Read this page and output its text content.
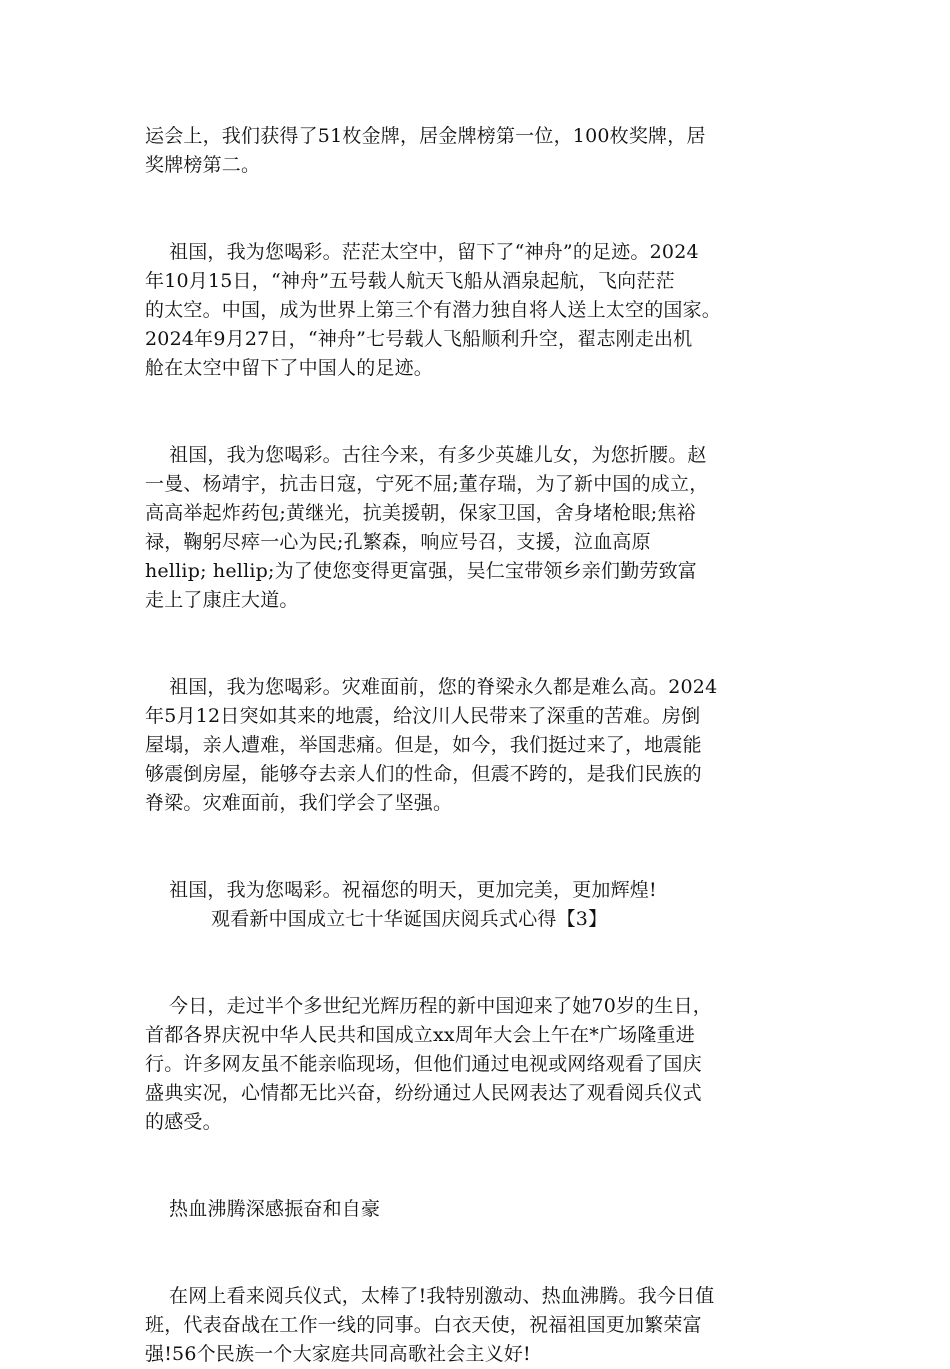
运会上，我们获得了51枚金牌，居金牌榜第一位，100枚奖牌，居
奖牌榜第二。

祖国，我为您喝彩。茫茫太空中，留下了“神舟”的足迹。2024
年10月15日，“神舟”五号载人航天飞船从酒泉起航，飞向茫茫
的太空。中国，成为世界上第三个有潜力独自将人送上太空的国家。
2024年9月27日，“神舟”七号载人飞船顺利升空，翟志刚走出机
舱在太空中留下了中国人的足迹。

祖国，我为您喝彩。古往今来，有多少英雄儿女，为您折腰。赵
一曼、杨靖宇，抗击日寇，宁死不屈;董存瑞，为了新中国的成立，
高高举起炸药包;黄继光，抗美援朝，保家卫国，舍身堵枪眼;焦裕
禄，鞠躬尽瘁一心为民;孔繁森，响应号召，支援，泣血高原
hellip; hellip;为了使您变得更富强，吴仁宝带领乡亲们勤劳致富
走上了康庄大道。

祖国，我为您喝彩。灾难面前，您的脊梁永久都是难么高。2024
年5月12日突如其来的地震，给汶川人民带来了深重的苦难。房倒
屋塌，亲人遭难，举国悲痛。但是，如今，我们挺过来了，地震能
够震倒房屋，能够夺去亲人们的性命，但震不跨的，是我们民族的
脊梁。灾难面前，我们学会了坚强。

祖国，我为您喝彩。祝福您的明天，更加完美，更加辉煌!

观看新中国成立七十华诞国庆阅兵式心得【3】

今日，走过半个多世纪光辉历程的新中国迎来了她70岁的生日，
首都各界庆祝中华人民共和国成立xx周年大会上午在*广场隆重进
行。许多网友虽不能亲临现场，但他们通过电视或网络观看了国庆
盛典实况，心情都无比兴奋，纷纷通过人民网表达了观看阅兵仪式
的感受。

热血沸腾深感振奋和自豪

在网上看来阅兵仪式，太棒了!我特别激动、热血沸腾。我今日值
班，代表奋战在工作一线的同事。白衣天使，祝福祖国更加繁荣富
强!56个民族一个大家庭共同高歌社会主义好!
